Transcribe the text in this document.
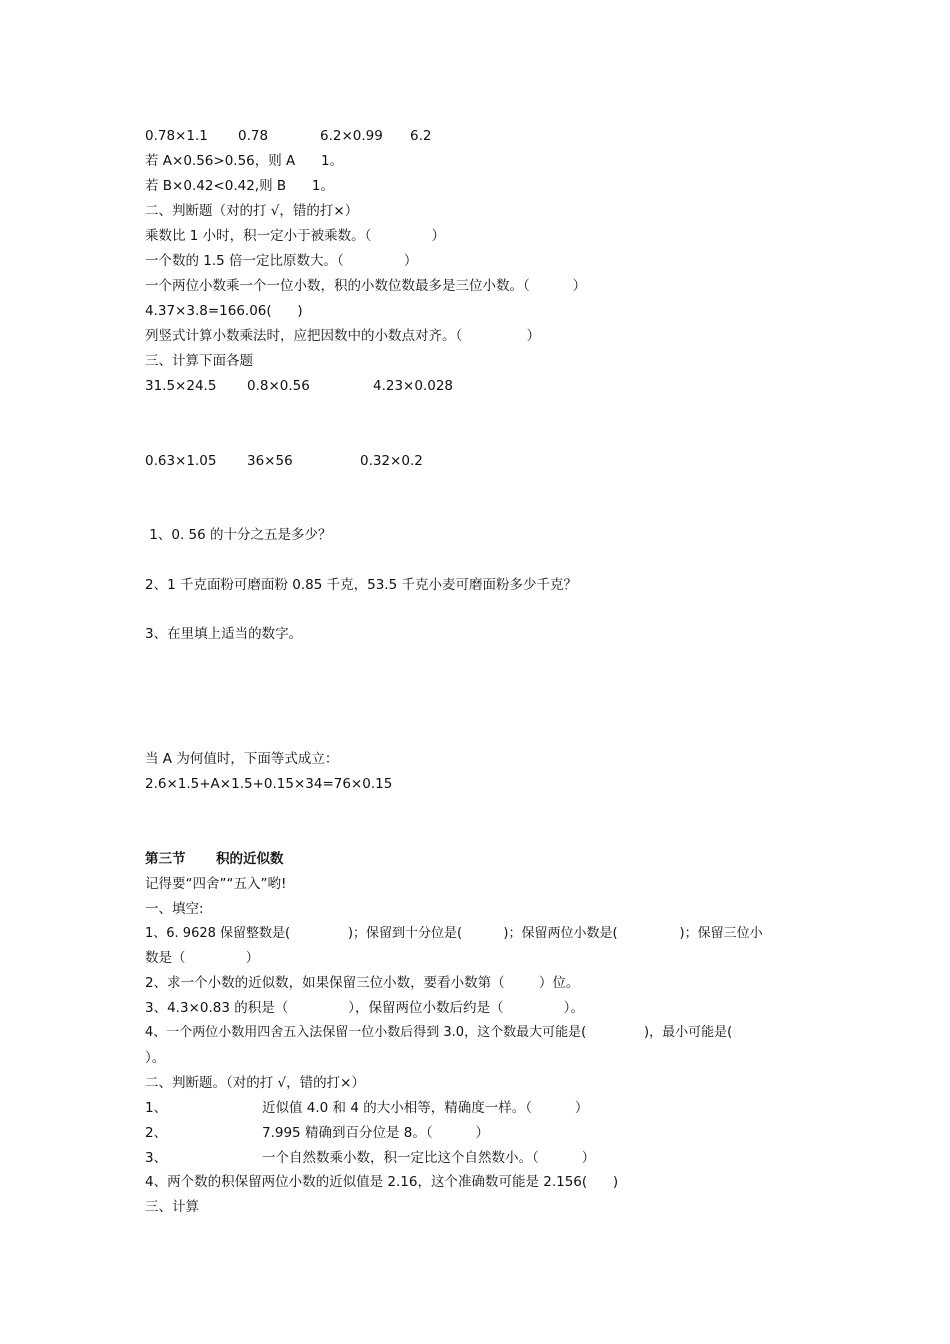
0.78×1.1 0.78	6.2×0.99 6.2
若 A×0.56>0.56，则 A      1。
若 B×0.42<0.42,则 B      1。
二、判断题（对的打 √，错的打×）
乘数比 1 小时，积一定小于被乘数。（              ）
一个数的 1.5 倍一定比原数大。（              ）
一个两位小数乘一个一位小数，积的小数位数最多是三位小数。（          ）
4.37×3.8=166.06(      )
列竖式计算小数乘法时，应把因数中的小数点对齐。（               ）
三、计算下面各题
31.5×24.5 0.8×0.56	4.23×0.028
0.63×1.05 36×56	0.32×0.2
1、0. 56 的十分之五是多少？
2、1 千克面粉可磨面粉 0.85 千克，53.5 千克小麦可磨面粉多少千克？
3、在里填上适当的数字。
当 A 为何值时，下面等式成立：
2.6×1.5+A×1.5+0.15×34=76×0.15
第三节 积的近似数
记得要“四舍”“五入”哟!
一、填空:
1、6. 9628 保留整数是(              )；保留到十分位是(          )；保留两位小数是(               )；保留三位小
数是（              ）
2、求一个小数的近似数，如果保留三位小数，要看小数第（        ）位。
3、4.3×0.83 的积是（              ），保留两位小数后约是（              ）。
4、一个两位小数用四舍五入法保留一位小数后得到 3.0，这个数最大可能是(              )，最小可能是(
）。
二、判断题。（对的打 √，错的打×）
1、	近似值 4.0 和 4 的大小相等，精确度一样。（          ）
2、	7.995 精确到百分位是 8。（          ）
3、	一个自然数乘小数，积一定比这个自然数小。（          ）
4、两个数的积保留两位小数的近似值是 2.16，这个准确数可能是 2.156(      )
三、计算
